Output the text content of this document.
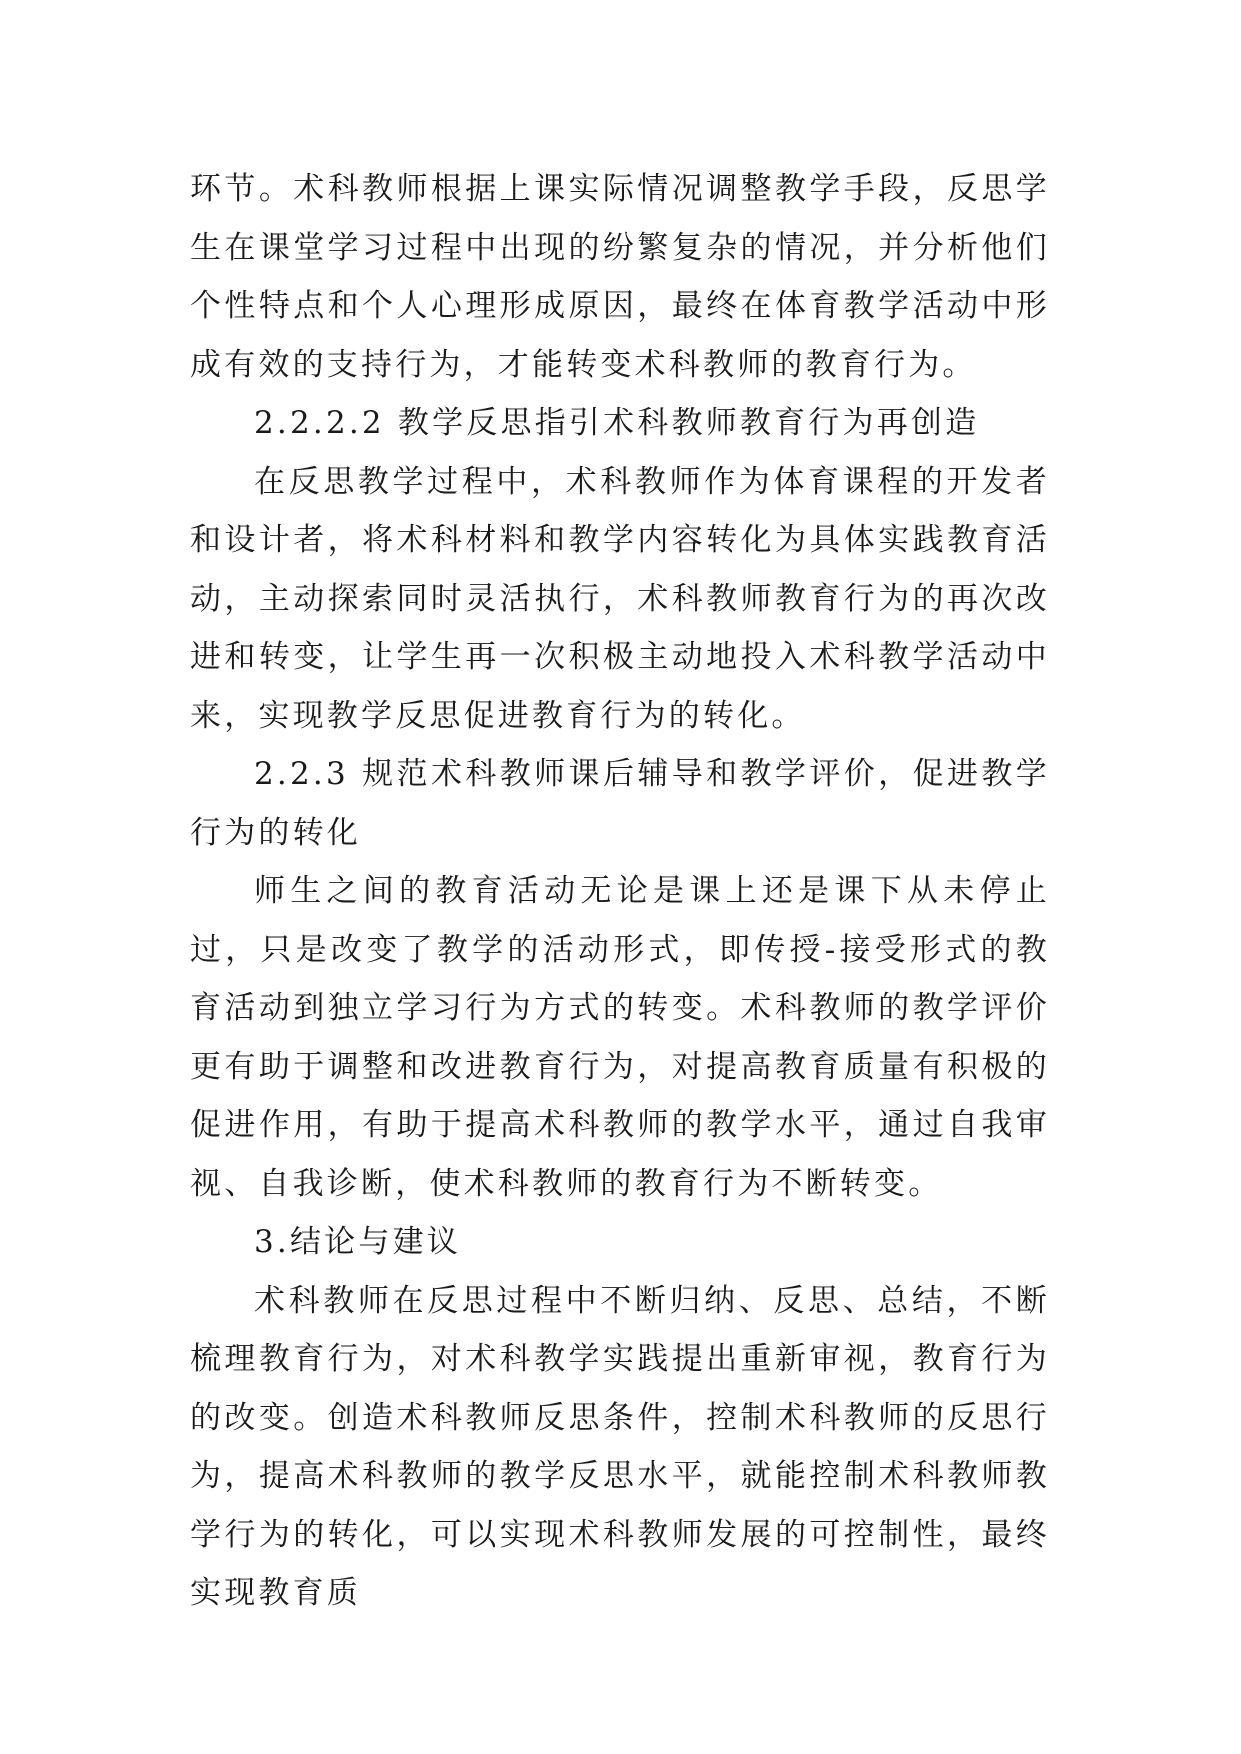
环节。术科教师根据上课实际情况调整教学手段，反思学生在课堂学习过程中出现的纷繁复杂的情况，并分析他们个性特点和个人心理形成原因，最终在体育教学活动中形成有效的支持行为，才能转变术科教师的教育行为。

2.2.2.2 教学反思指引术科教师教育行为再创造

在反思教学过程中，术科教师作为体育课程的开发者和设计者，将术科材料和教学内容转化为具体实践教育活动，主动探索同时灵活执行，术科教师教育行为的再次改进和转变，让学生再一次积极主动地投入术科教学活动中来，实现教学反思促进教育行为的转化。

2.2.3 规范术科教师课后辅导和教学评价，促进教学行为的转化

师生之间的教育活动无论是课上还是课下从未停止过，只是改变了教学的活动形式，即传授-接受形式的教育活动到独立学习行为方式的转变。术科教师的教学评价更有助于调整和改进教育行为，对提高教育质量有积极的促进作用，有助于提高术科教师的教学水平，通过自我审视、自我诊断，使术科教师的教育行为不断转变。

3.结论与建议

术科教师在反思过程中不断归纳、反思、总结，不断梳理教育行为，对术科教学实践提出重新审视，教育行为的改变。创造术科教师反思条件，控制术科教师的反思行为，提高术科教师的教学反思水平，就能控制术科教师教学行为的转化，可以实现术科教师发展的可控制性，最终实现教育质
